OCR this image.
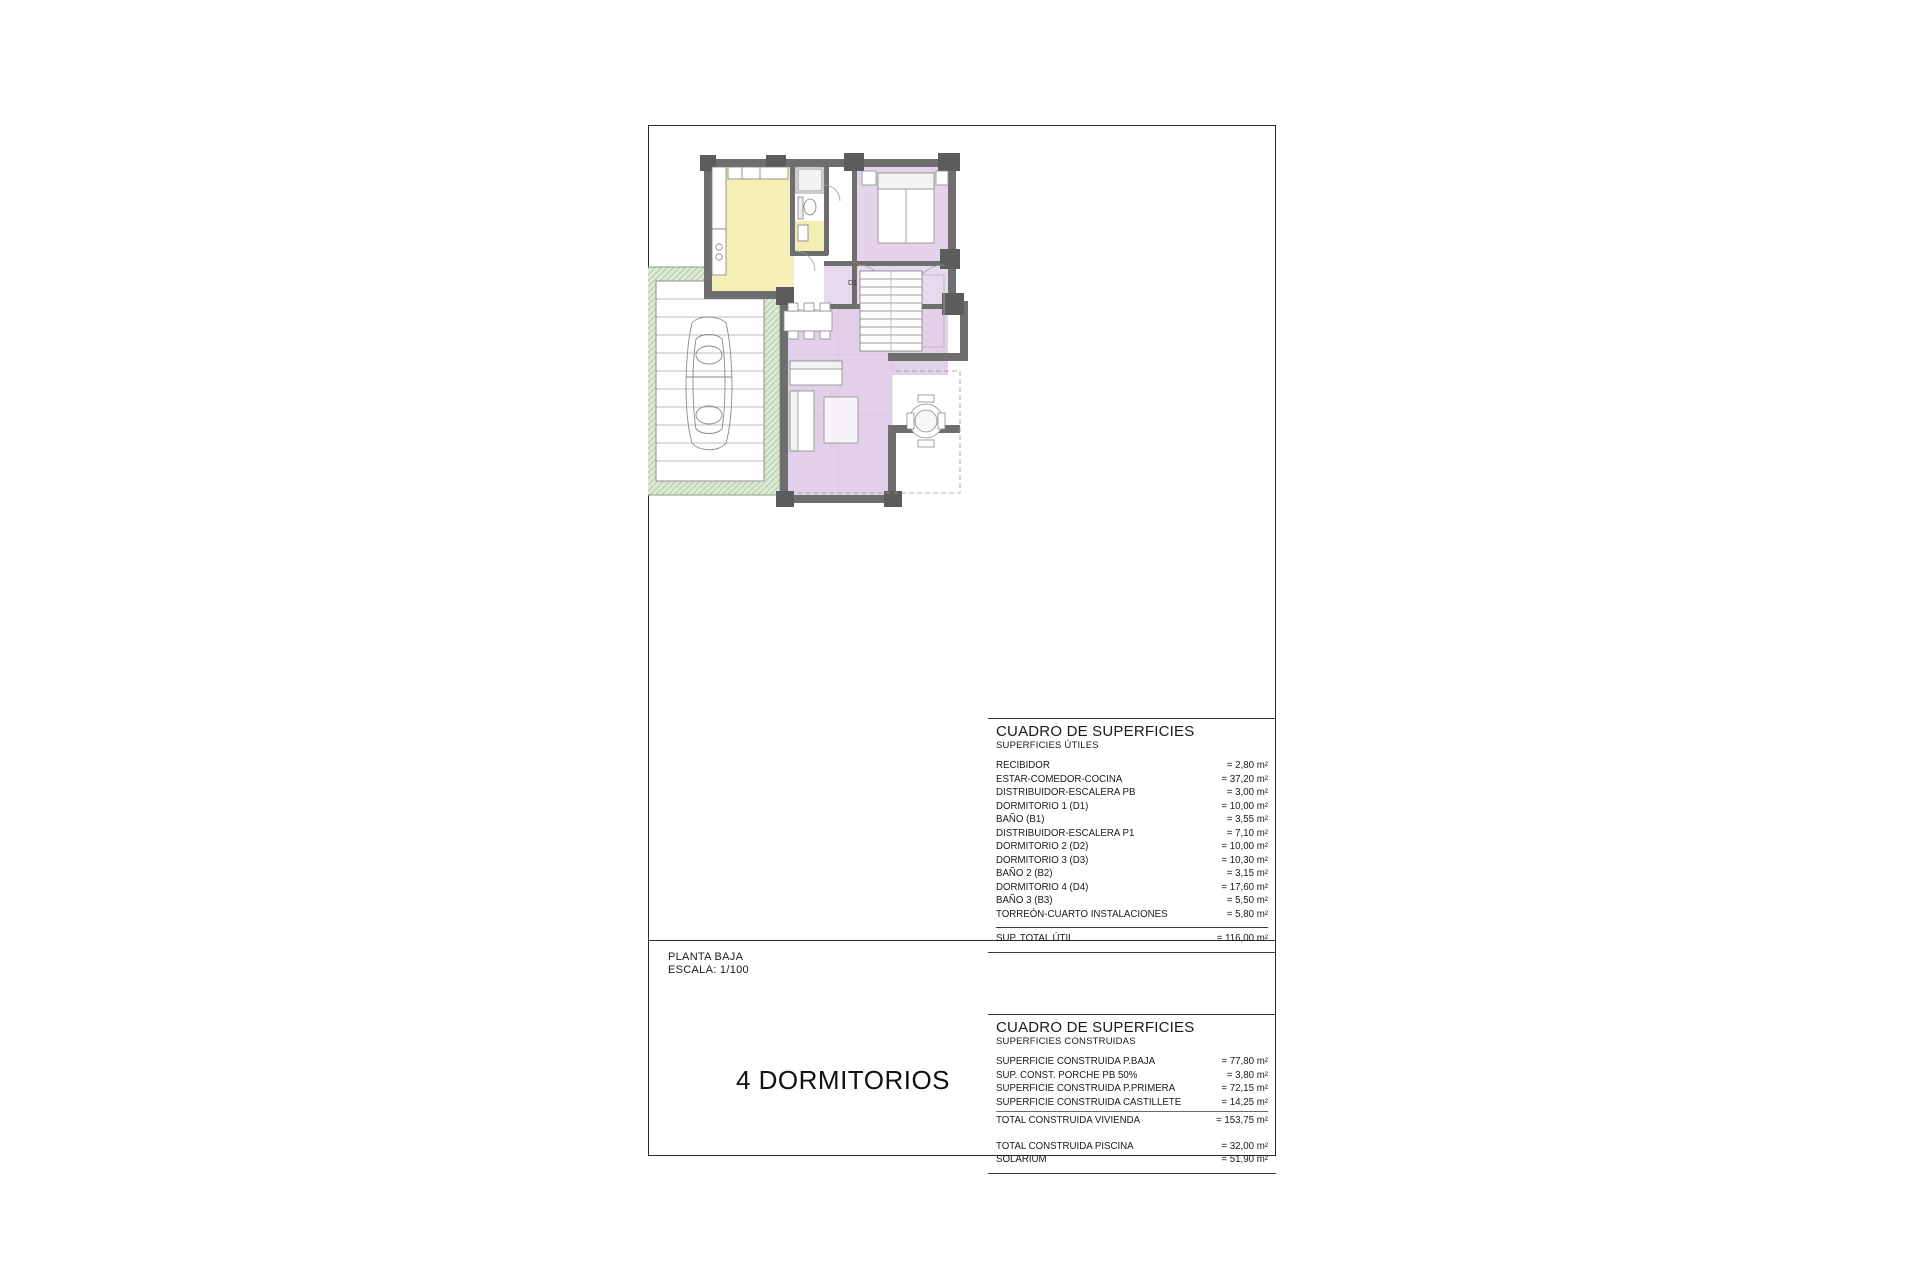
D1
PLANTA BAJA
ESCALA: 1/100
4 DORMITORIOS
CUADRO DE SUPERFICIES
SUPERFICIES ÚTILES
RECIBIDOR	= 2,80 m²
ESTAR-COMEDOR-COCINA	= 37,20 m²
DISTRIBUIDOR-ESCALERA PB	= 3,00 m²
DORMITORIO 1 (D1)	= 10,00 m²
BAÑO (B1)	= 3,55 m²
DISTRIBUIDOR-ESCALERA P1	= 7,10 m²
DORMITORIO 2 (D2)	= 10,00 m²
DORMITORIO 3 (D3)	= 10,30 m²
BAÑO 2 (B2)	= 3,15 m²
DORMITORIO 4 (D4)	= 17,60 m²
BAÑO 3 (B3)	= 5,50 m²
TORREÓN-CUARTO INSTALACIONES	= 5,80 m²
SUP. TOTAL ÚTIL	= 116,00 m²
CUADRO DE SUPERFICIES
SUPERFICIES CONSTRUIDAS
SUPERFICIE CONSTRUIDA P.BAJA	= 77,80 m²
SUP. CONST. PORCHE PB 50%	= 3,80 m²
SUPERFICIE CONSTRUIDA P.PRIMERA	= 72,15 m²
SUPERFICIE CONSTRUIDA CASTILLETE	= 14,25 m²
TOTAL CONSTRUIDA VIVIENDA	= 153,75 m²
TOTAL CONSTRUIDA PISCINA	= 32,00 m²
SOLARIUM	= 51,90 m²
